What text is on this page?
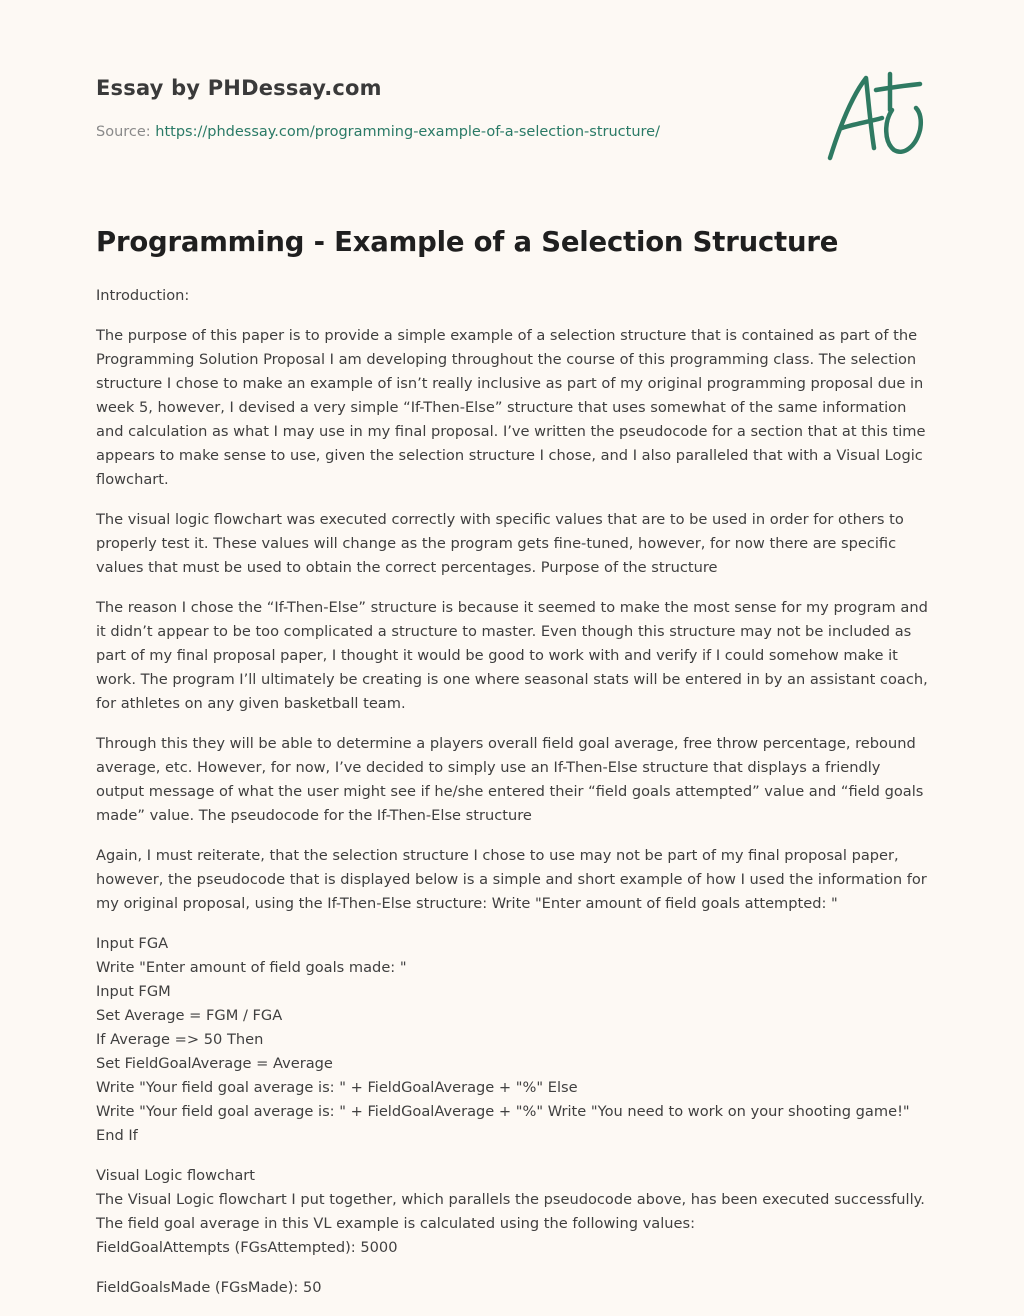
Essay by PHDessay.com
Source: https://phdessay.com/programming-example-of-a-selection-structure/
Programming - Example of a Selection Structure

Introduction:

The purpose of this paper is to provide a simple example of a selection structure that is contained as part of the Programming Solution Proposal I am developing throughout the course of this programming class. The selection structure I chose to make an example of isn’t really inclusive as part of my original programming proposal due in week 5, however, I devised a very simple “If-Then-Else” structure that uses somewhat of the same information and calculation as what I may use in my final proposal. I’ve written the pseudocode for a section that at this time appears to make sense to use, given the selection structure I chose, and I also paralleled that with a Visual Logic flowchart.

The visual logic flowchart was executed correctly with specific values that are to be used in order for others to properly test it. These values will change as the program gets fine-tuned, however, for now there are specific values that must be used to obtain the correct percentages. Purpose of the structure

The reason I chose the “If-Then-Else” structure is because it seemed to make the most sense for my program and it didn’t appear to be too complicated a structure to master. Even though this structure may not be included as part of my final proposal paper, I thought it would be good to work with and verify if I could somehow make it work. The program I’ll ultimately be creating is one where seasonal stats will be entered in by an assistant coach, for athletes on any given basketball team.

Through this they will be able to determine a players overall field goal average, free throw percentage, rebound average, etc. However, for now, I’ve decided to simply use an If-Then-Else structure that displays a friendly output message of what the user might see if he/she entered their “field goals attempted” value and “field goals made” value. The pseudocode for the If-Then-Else structure

Again, I must reiterate, that the selection structure I chose to use may not be part of my final proposal paper, however, the pseudocode that is displayed below is a simple and short example of how I used the information for my original proposal, using the If-Then-Else structure: Write "Enter amount of field goals attempted: "

Input FGA
Write "Enter amount of field goals made: "
Input FGM
Set Average = FGM / FGA
If Average => 50 Then
Set FieldGoalAverage = Average
Write "Your field goal average is: " + FieldGoalAverage + "%" Else
Write "Your field goal average is: " + FieldGoalAverage + "%" Write "You need to work on your shooting game!"
End If

Visual Logic flowchart
The Visual Logic flowchart I put together, which parallels the pseudocode above, has been executed successfully. The field goal average in this VL example is calculated using the following values:
FieldGoalAttempts (FGsAttempted): 5000

FieldGoalsMade (FGsMade): 50
